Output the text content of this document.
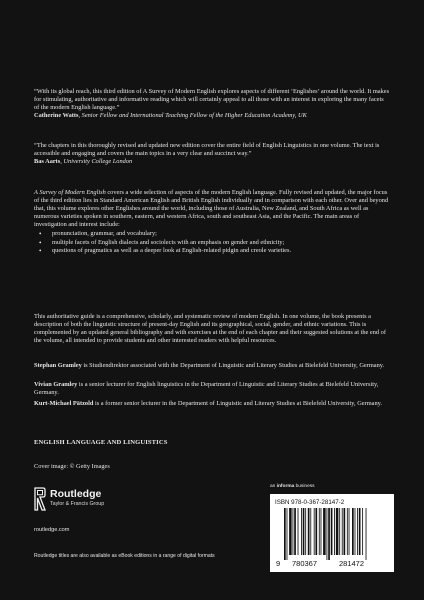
“With its global reach, this third edition of A Survey of Modern English explores aspects of different ‘Englishes’ around the world. It makes for stimulating, authoritative and informative reading which will certainly appeal to all those with an interest in exploring the many facets of the modern English language.”

Catherine Watts, Senior Fellow and International Teaching Fellow of the Higher Education Academy, UK

“The chapters in this thoroughly revised and updated new edition cover the entire field of English Linguistics in one volume. The text is accessible and engaging and covers the main topics in a very clear and succinct way.”

Bas Aarts, University College London

A Survey of Modern English covers a wide selection of aspects of the modern English language. Fully revised and updated, the major focus of the third edition lies in Standard American English and British English individually and in comparison with each other. Over and beyond that, this volume explores other Englishes around the world, including those of Australia, New Zealand, and South Africa as well as numerous varieties spoken in southern, eastern, and western Africa, south and southeast Asia, and the Pacific. The main areas of investigation and interest include:

• pronunciation, grammar, and vocabulary;
• multiple facets of English dialects and sociolects with an emphasis on gender and ethnicity;
• questions of pragmatics as well as a deeper look at English-related pidgin and creole varieties.

This authoritative guide is a comprehensive, scholarly, and systematic review of modern English. In one volume, the book presents a description of both the linguistic structure of present-day English and its geographical, social, gender, and ethnic variations. This is complemented by an updated general bibliography and with exercises at the end of each chapter and their suggested solutions at the end of the volume, all intended to provide students and other interested readers with helpful resources.

Stephan Gramley is Studiendirektor associated with the Department of Linguistic and Literary Studies at Bielefeld University, Germany.

Vivian Gramley is a senior lecturer for English linguistics in the Department of Linguistic and Literary Studies at Bielefeld University, Germany.

Kurt-Michael Pätzold is a former senior lecturer in the Department of Linguistic and Literary Studies at Bielefeld University, Germany.

ENGLISH LANGUAGE AND LINGUISTICS
Cover image: © Getty Images
Routledge
Taylor & Francis Group
routledge.com
Routledge titles are also available as eBook editions in a range of digital formats
an informa business
ISBN 978-0-367-28147-2
9 780367	281472
